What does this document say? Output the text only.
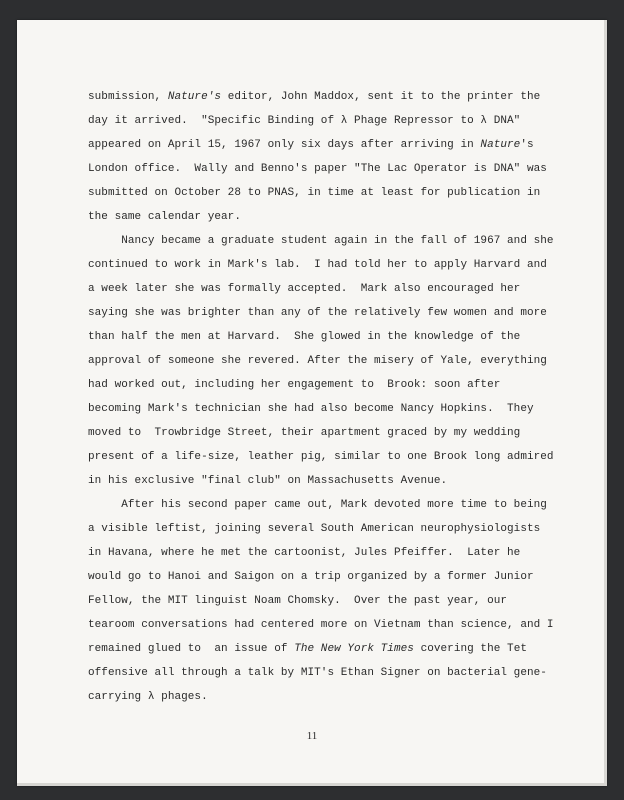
submission, Nature's editor, John Maddox, sent it to the printer the
day it arrived.  "Specific Binding of λ Phage Repressor to λ DNA"
appeared on April 15, 1967 only six days after arriving in Nature's
London office.  Wally and Benno's paper "The Lac Operator is DNA" was
submitted on October 28 to PNAS, in time at least for publication in
the same calendar year.
Nancy became a graduate student again in the fall of 1967 and she
continued to work in Mark's lab.  I had told her to apply Harvard and
a week later she was formally accepted.  Mark also encouraged her
saying she was brighter than any of the relatively few women and more
than half the men at Harvard.  She glowed in the knowledge of the
approval of someone she revered. After the misery of Yale, everything
had worked out, including her engagement to  Brook: soon after
becoming Mark's technician she had also become Nancy Hopkins.  They
moved to  Trowbridge Street, their apartment graced by my wedding
present of a life-size, leather pig, similar to one Brook long admired
in his exclusive "final club" on Massachusetts Avenue.
After his second paper came out, Mark devoted more time to being
a visible leftist, joining several South American neurophysiologists
in Havana, where he met the cartoonist, Jules Pfeiffer.  Later he
would go to Hanoi and Saigon on a trip organized by a former Junior
Fellow, the MIT linguist Noam Chomsky.  Over the past year, our
tearoom conversations had centered more on Vietnam than science, and I
remained glued to  an issue of The New York Times covering the Tet
offensive all through a talk by MIT's Ethan Signer on bacterial gene-
carrying λ phages.
11
